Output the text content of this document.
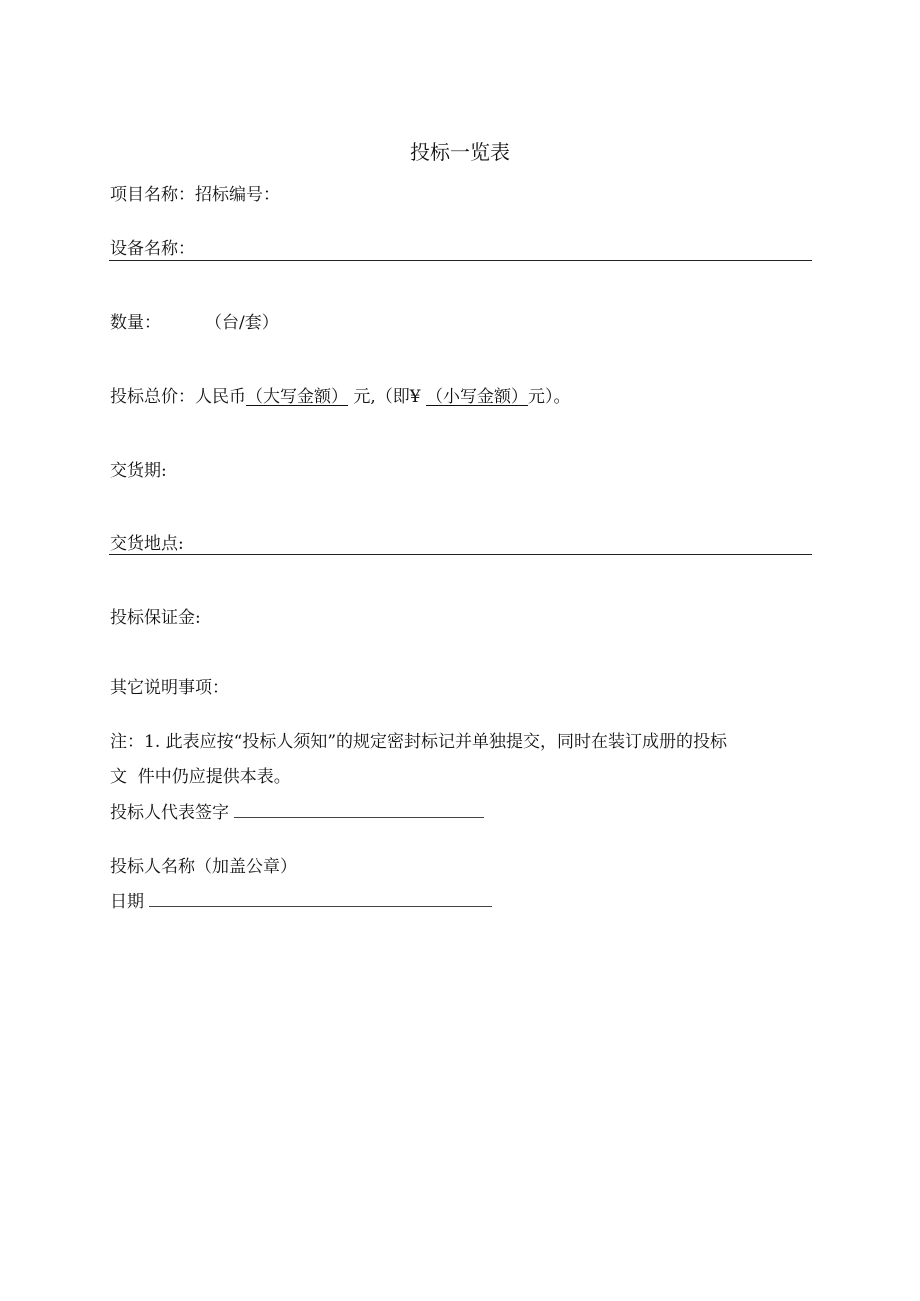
投标一览表
项目名称：招标编号：
设备名称：
数量：	（台/套）
投标总价：人民币（大写金额） 元,（即¥ （小写金额）元）。
交货期:
交货地点:
投标保证金:
其它说明事项：
注：1. 此表应按“投标人须知”的规定密封标记并单独提交，同时在装订成册的投标
文  件中仍应提供本表。
投标人代表签字
投标人名称（加盖公章）
日期
